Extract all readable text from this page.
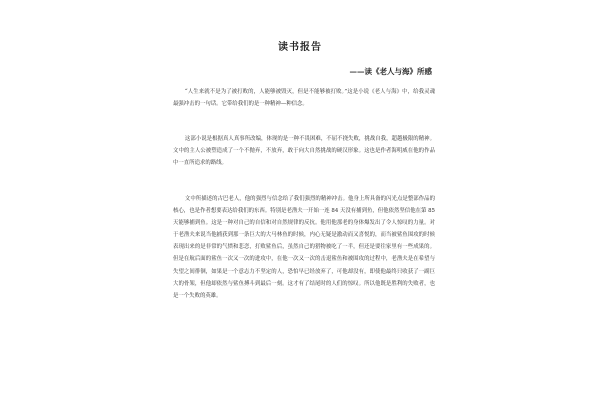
读书报告

——读《老人与海》所感

“人生来就不是为了被打败的，人能够被毁灭，但是不能够被打败。”这是小说《老人与海》中，给我灵魂最强冲击的一句话。它带给我们的是一种精神—种信念。

这部小说是根据真人真事所改编，体现的是一种不畏困难，不屈不挠失败，挑战自我，超越极限的精神。文中的主人公被塑造成了一个不抛弃，不放弃，敢于向大自然挑战的硬汉形象。这也是作者海明威在他的作品中一直所追求的路线。

文中所描述的古巴老人，他的强烈与信念给了我们强烈的精神冲击。他身上所具备的闪光点是整部作品的核心，也是作者想要表达给我们的东西。特别是老渔夫一开始一连 84 天没有捕到鱼，但他依然坚信他在第 85 天能够捕到鱼。这是一种对自己的自信和对自然规律的反抗。他用他那老的身体爆发出了令人惊叹的力量。对于老渔夫来说当他捕获到那一条巨大的大马林鱼的时候，内心无疑是激动而又喜悦的，而当被鲨鱼围攻的时候表现出来的是非常的气愤和悲恋，打败鲨鱼后，虽然自己的猎物被吃了一半，但还是要往家里有一些成果的。但是在航后面的鲨鱼一次又一次的进攻中，在他一次又一次的击退鲨鱼和被围攻的过程中，老渔夫是在希望与失望之间徘徊，如果是一个意志力不坚定的人，恐怕早已经放弃了，可他却没有，即使他最终只收获了一副巨大的骨架，但他却依然与鲨鱼搏斗到最后一刻。这才有了结尾时的人们的惊叹。所以他既是胜利的失败者，也是一个失败的英雄。
